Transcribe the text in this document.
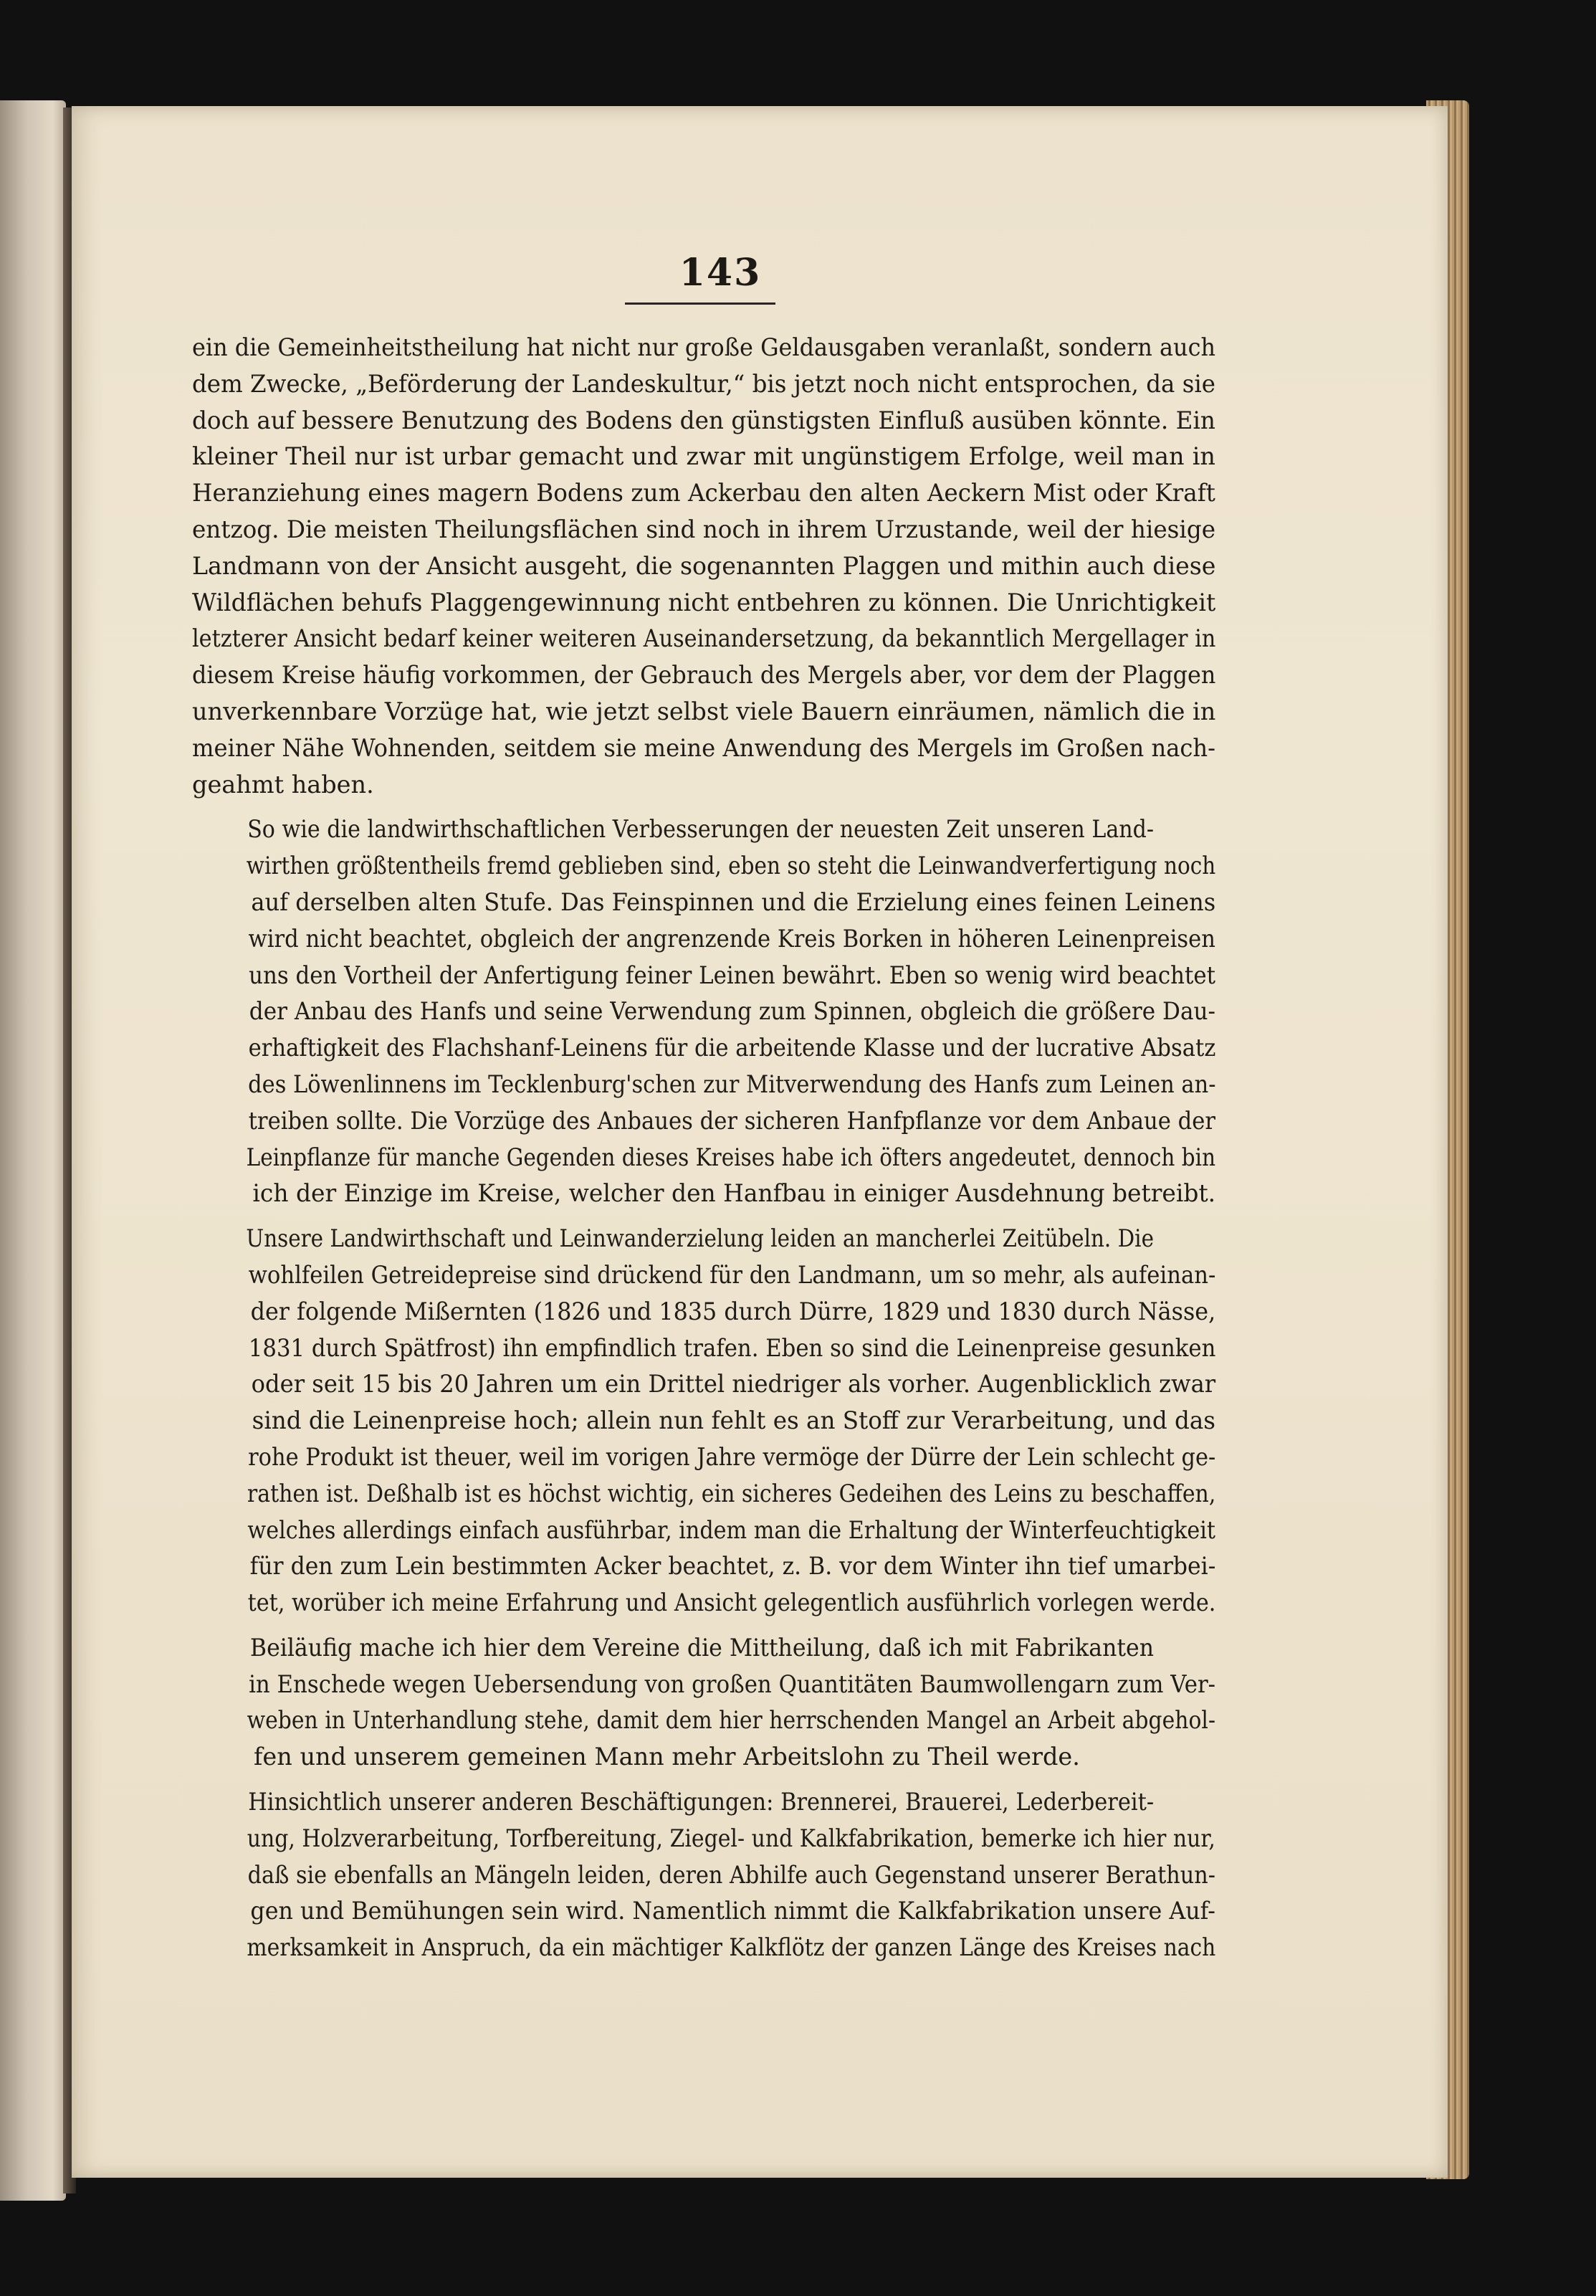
143

ein die Gemeinheitstheilung hat nicht nur große Geldausgaben veranlaßt, sondern auch
dem Zwecke, „Beförderung der Landeskultur,“ bis jetzt noch nicht entsprochen, da sie
doch auf bessere Benutzung des Bodens den günstigsten Einfluß ausüben könnte. Ein
kleiner Theil nur ist urbar gemacht und zwar mit ungünstigem Erfolge, weil man in
Heranziehung eines magern Bodens zum Ackerbau den alten Aeckern Mist oder Kraft
entzog. Die meisten Theilungsflächen sind noch in ihrem Urzustande, weil der hiesige
Landmann von der Ansicht ausgeht, die sogenannten Plaggen und mithin auch diese
Wildflächen behufs Plaggengewinnung nicht entbehren zu können. Die Unrichtigkeit
letzterer Ansicht bedarf keiner weiteren Auseinandersetzung, da bekanntlich Mergellager in
diesem Kreise häufig vorkommen, der Gebrauch des Mergels aber, vor dem der Plaggen
unverkennbare Vorzüge hat, wie jetzt selbst viele Bauern einräumen, nämlich die in
meiner Nähe Wohnenden, seitdem sie meine Anwendung des Mergels im Großen nach-
geahmt haben.

So wie die landwirthschaftlichen Verbesserungen der neuesten Zeit unseren Land-
wirthen größtentheils fremd geblieben sind, eben so steht die Leinwandverfertigung noch
auf derselben alten Stufe. Das Feinspinnen und die Erzielung eines feinen Leinens
wird nicht beachtet, obgleich der angrenzende Kreis Borken in höheren Leinenpreisen
uns den Vortheil der Anfertigung feiner Leinen bewährt. Eben so wenig wird beachtet
der Anbau des Hanfs und seine Verwendung zum Spinnen, obgleich die größere Dau-
erhaftigkeit des Flachshanf-Leinens für die arbeitende Klasse und der lucrative Absatz
des Löwenlinnens im Tecklenburg'schen zur Mitverwendung des Hanfs zum Leinen an-
treiben sollte. Die Vorzüge des Anbaues der sicheren Hanfpflanze vor dem Anbaue der
Leinpflanze für manche Gegenden dieses Kreises habe ich öfters angedeutet, dennoch bin
ich der Einzige im Kreise, welcher den Hanfbau in einiger Ausdehnung betreibt.

Unsere Landwirthschaft und Leinwanderzielung leiden an mancherlei Zeitübeln. Die
wohlfeilen Getreidepreise sind drückend für den Landmann, um so mehr, als aufeinan-
der folgende Mißernten (1826 und 1835 durch Dürre, 1829 und 1830 durch Nässe,
1831 durch Spätfrost) ihn empfindlich trafen. Eben so sind die Leinenpreise gesunken
oder seit 15 bis 20 Jahren um ein Drittel niedriger als vorher. Augenblicklich zwar
sind die Leinenpreise hoch; allein nun fehlt es an Stoff zur Verarbeitung, und das
rohe Produkt ist theuer, weil im vorigen Jahre vermöge der Dürre der Lein schlecht ge-
rathen ist. Deßhalb ist es höchst wichtig, ein sicheres Gedeihen des Leins zu beschaffen,
welches allerdings einfach ausführbar, indem man die Erhaltung der Winterfeuchtigkeit
für den zum Lein bestimmten Acker beachtet, z. B. vor dem Winter ihn tief umarbei-
tet, worüber ich meine Erfahrung und Ansicht gelegentlich ausführlich vorlegen werde.

Beiläufig mache ich hier dem Vereine die Mittheilung, daß ich mit Fabrikanten
in Enschede wegen Uebersendung von großen Quantitäten Baumwollengarn zum Ver-
weben in Unterhandlung stehe, damit dem hier herrschenden Mangel an Arbeit abgehol-
fen und unserem gemeinen Mann mehr Arbeitslohn zu Theil werde.

Hinsichtlich unserer anderen Beschäftigungen: Brennerei, Brauerei, Lederbereit-
ung, Holzverarbeitung, Torfbereitung, Ziegel- und Kalkfabrikation, bemerke ich hier nur,
daß sie ebenfalls an Mängeln leiden, deren Abhilfe auch Gegenstand unserer Berathun-
gen und Bemühungen sein wird. Namentlich nimmt die Kalkfabrikation unsere Auf-
merksamkeit in Anspruch, da ein mächtiger Kalkflötz der ganzen Länge des Kreises nach
